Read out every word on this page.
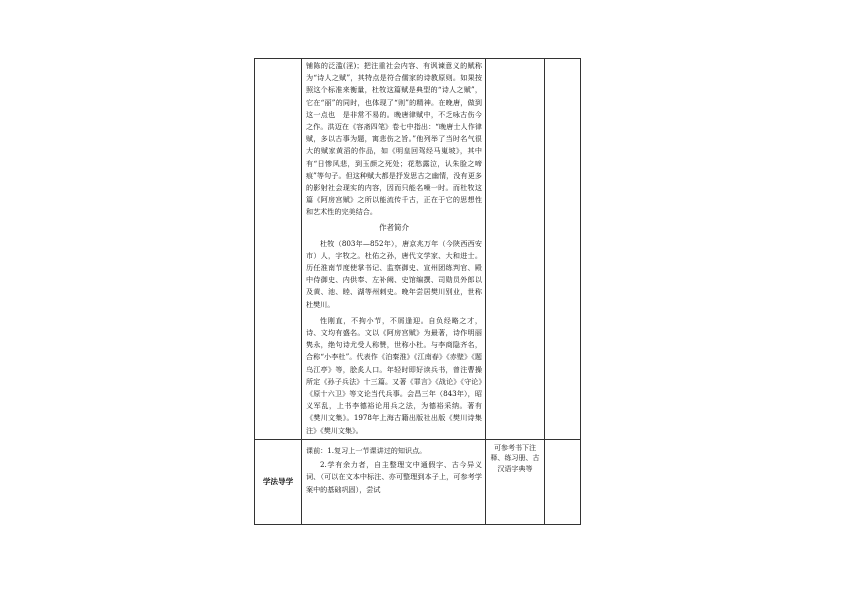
	铺陈的泛滥(淫)；把注重社会内容、有讽谏意义的赋称为“诗人之赋”，其特点是符合儒家的诗教原则。如果按照这个标准来衡量，杜牧这篇赋是典型的“诗人之赋”，它在“丽”的同时，也体现了“则”的精神。在晚唐，做到这一点也　是非常不易的。晚唐律赋中，不乏咏古伤今之作。洪迈在《容斋四笔》卷七中指出：“晚唐士人作律赋，多以古事为题，寓悲伤之旨。”他列举了当时名气很大的赋家黄滔的作品，如《明皇回驾经马嵬坡》，其中有“日惨风悲，到玉颜之死处；花愁露泣，认朱脸之啼痕”等句子。但这种赋大都是抒发思古之幽情，没有更多的影射社会现实的内容，因而只能名噪一时。而杜牧这篇《阿房宫赋》之所以能流传千古，正在于它的思想性和艺术性的完美结合。

作者简介

杜牧（803年—852年），唐京兆万年（今陕西西安市）人，字牧之。杜佑之孙，唐代文学家、大和进士。历任淮南节度使掌书记、监察御史、宣州团练判官、殿中侍御史、内供奉、左补阙、史馆编撰、司勋员外郎以及黄、池、睦、湖等州刺史。晚年尝居樊川别业，世称杜樊川。

性刚直，不拘小节，不屑逢迎。自负经略之才，诗、文均有盛名。文以《阿房宫赋》为最著，诗作明丽隽永，绝句诗尤受人称赞，世称小杜。与李商隐齐名，合称“小李杜”。代表作《泊秦淮》《江南春》《赤壁》《题乌江亭》等，脍炙人口。年轻时即好读兵书，曾注曹操所定《孙子兵法》十三篇。又著《罪言》《战论》《守论》《原十六卫》等文论当代兵事。会昌三年（843年），昭义军乱，上书李德裕论用兵之法，为德裕采纳。著有《樊川文集》。1978年上海古籍出版社出版《樊川诗集注》《樊川文集》。		

学法导学	课前：1.复习上一节课讲过的知识点。

2.学有余力者，自主整理文中通假字、古今异义词、（可以在文本中标注、亦可整理到本子上，可参考学案中的基础巩固），尝试	可参考书下注释、练习册、古汉语字典等	
